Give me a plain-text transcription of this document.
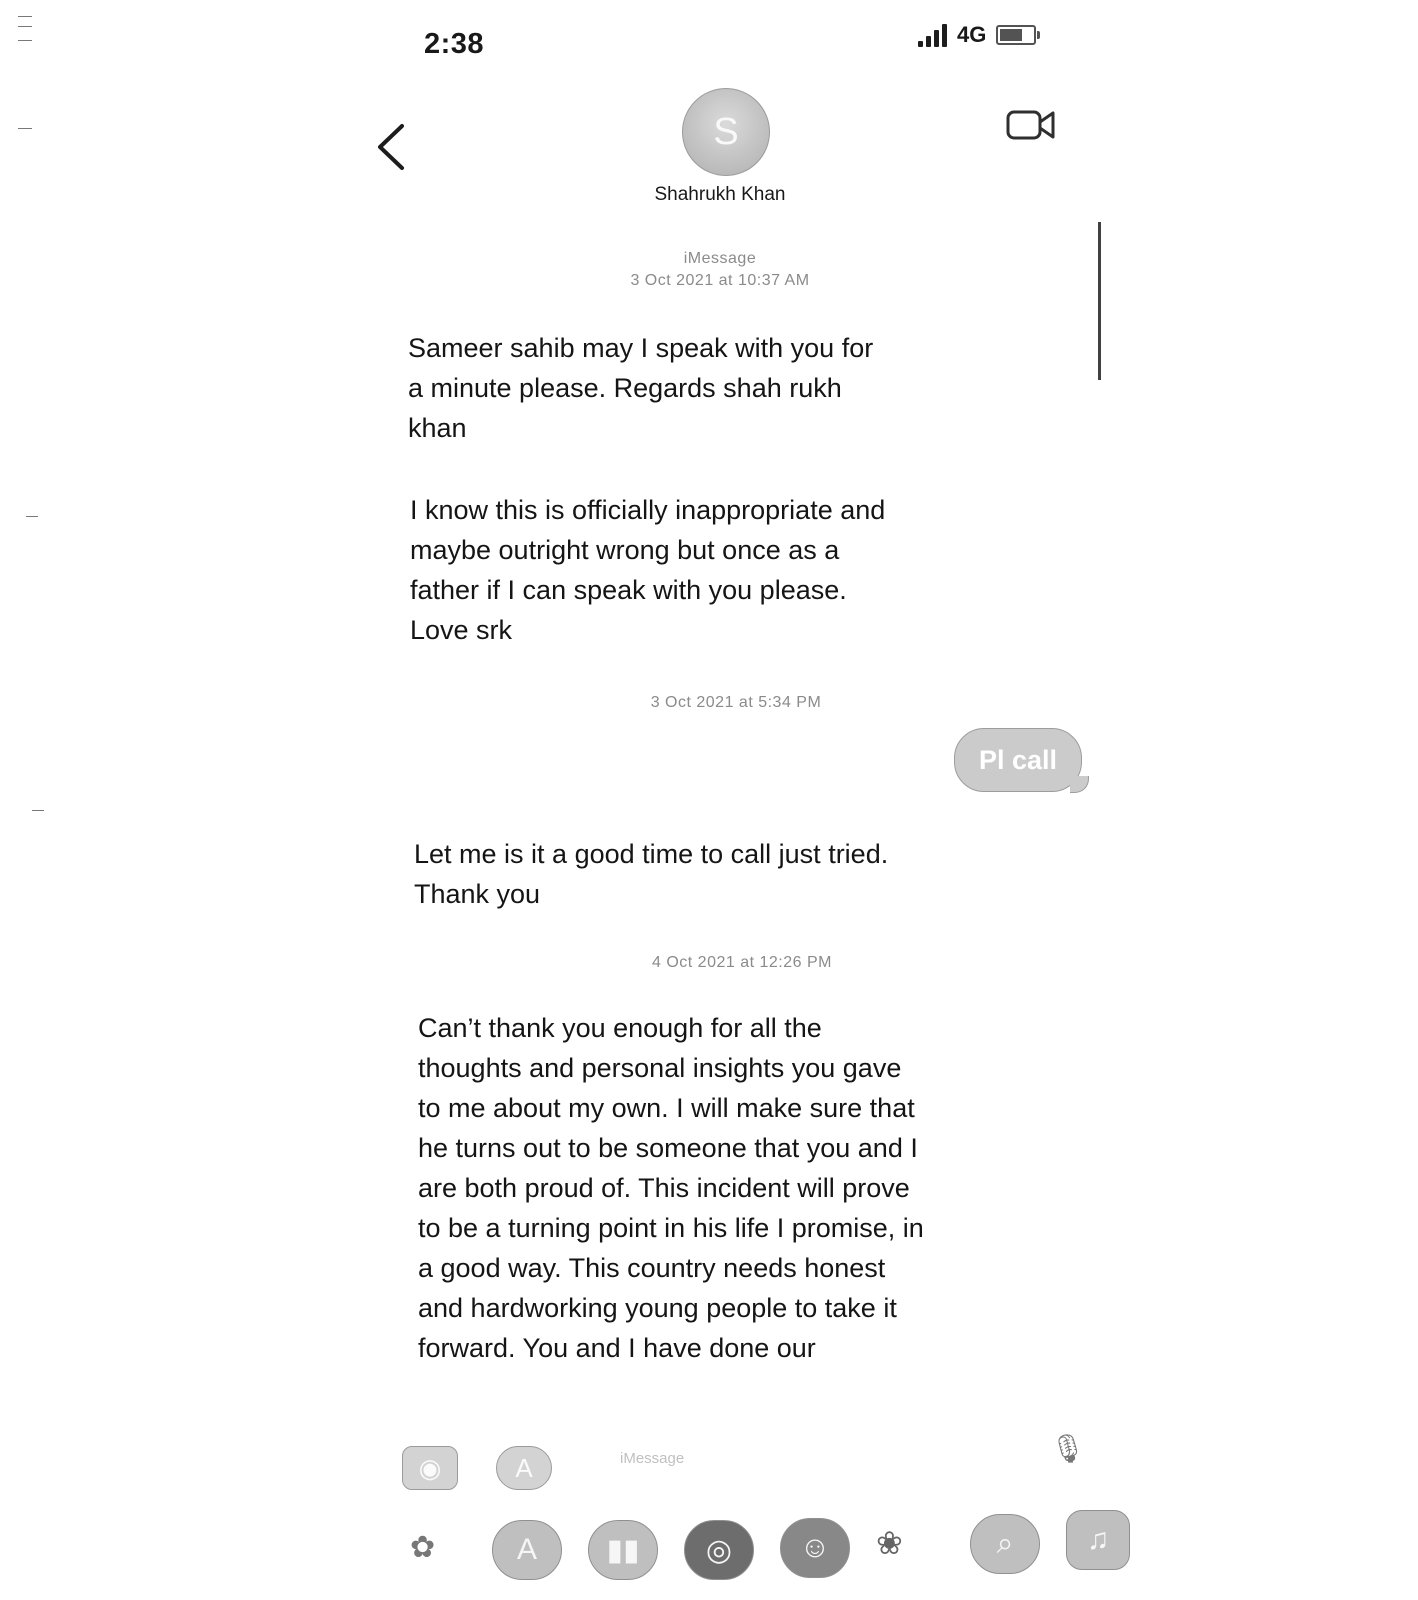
2:38	4G
S
Shahrukh Khan
iMessage
3 Oct 2021 at 10:37 AM

Sameer sahib may I speak with you for a minute please. Regards shah rukh khan

I know this is officially inappropriate and maybe outright wrong but once as a father if I can speak with you please. Love srk

3 Oct 2021 at 5:34 PM
Pl call

Let me is it a good time to call just tried. Thank you

4 Oct 2021 at 12:26 PM

Can’t thank you enough for all the thoughts and personal insights you gave to me about my own. I will make sure that he turns out to be someone that you and I are both proud of. This incident will prove to be a turning point in his life I promise, in a good way. This country needs honest and hardworking young people to take it forward. You and I have done our

◉	A	iMessage	🎙
✿	A	▮▮	◎	☺	❀	⌕	♫
